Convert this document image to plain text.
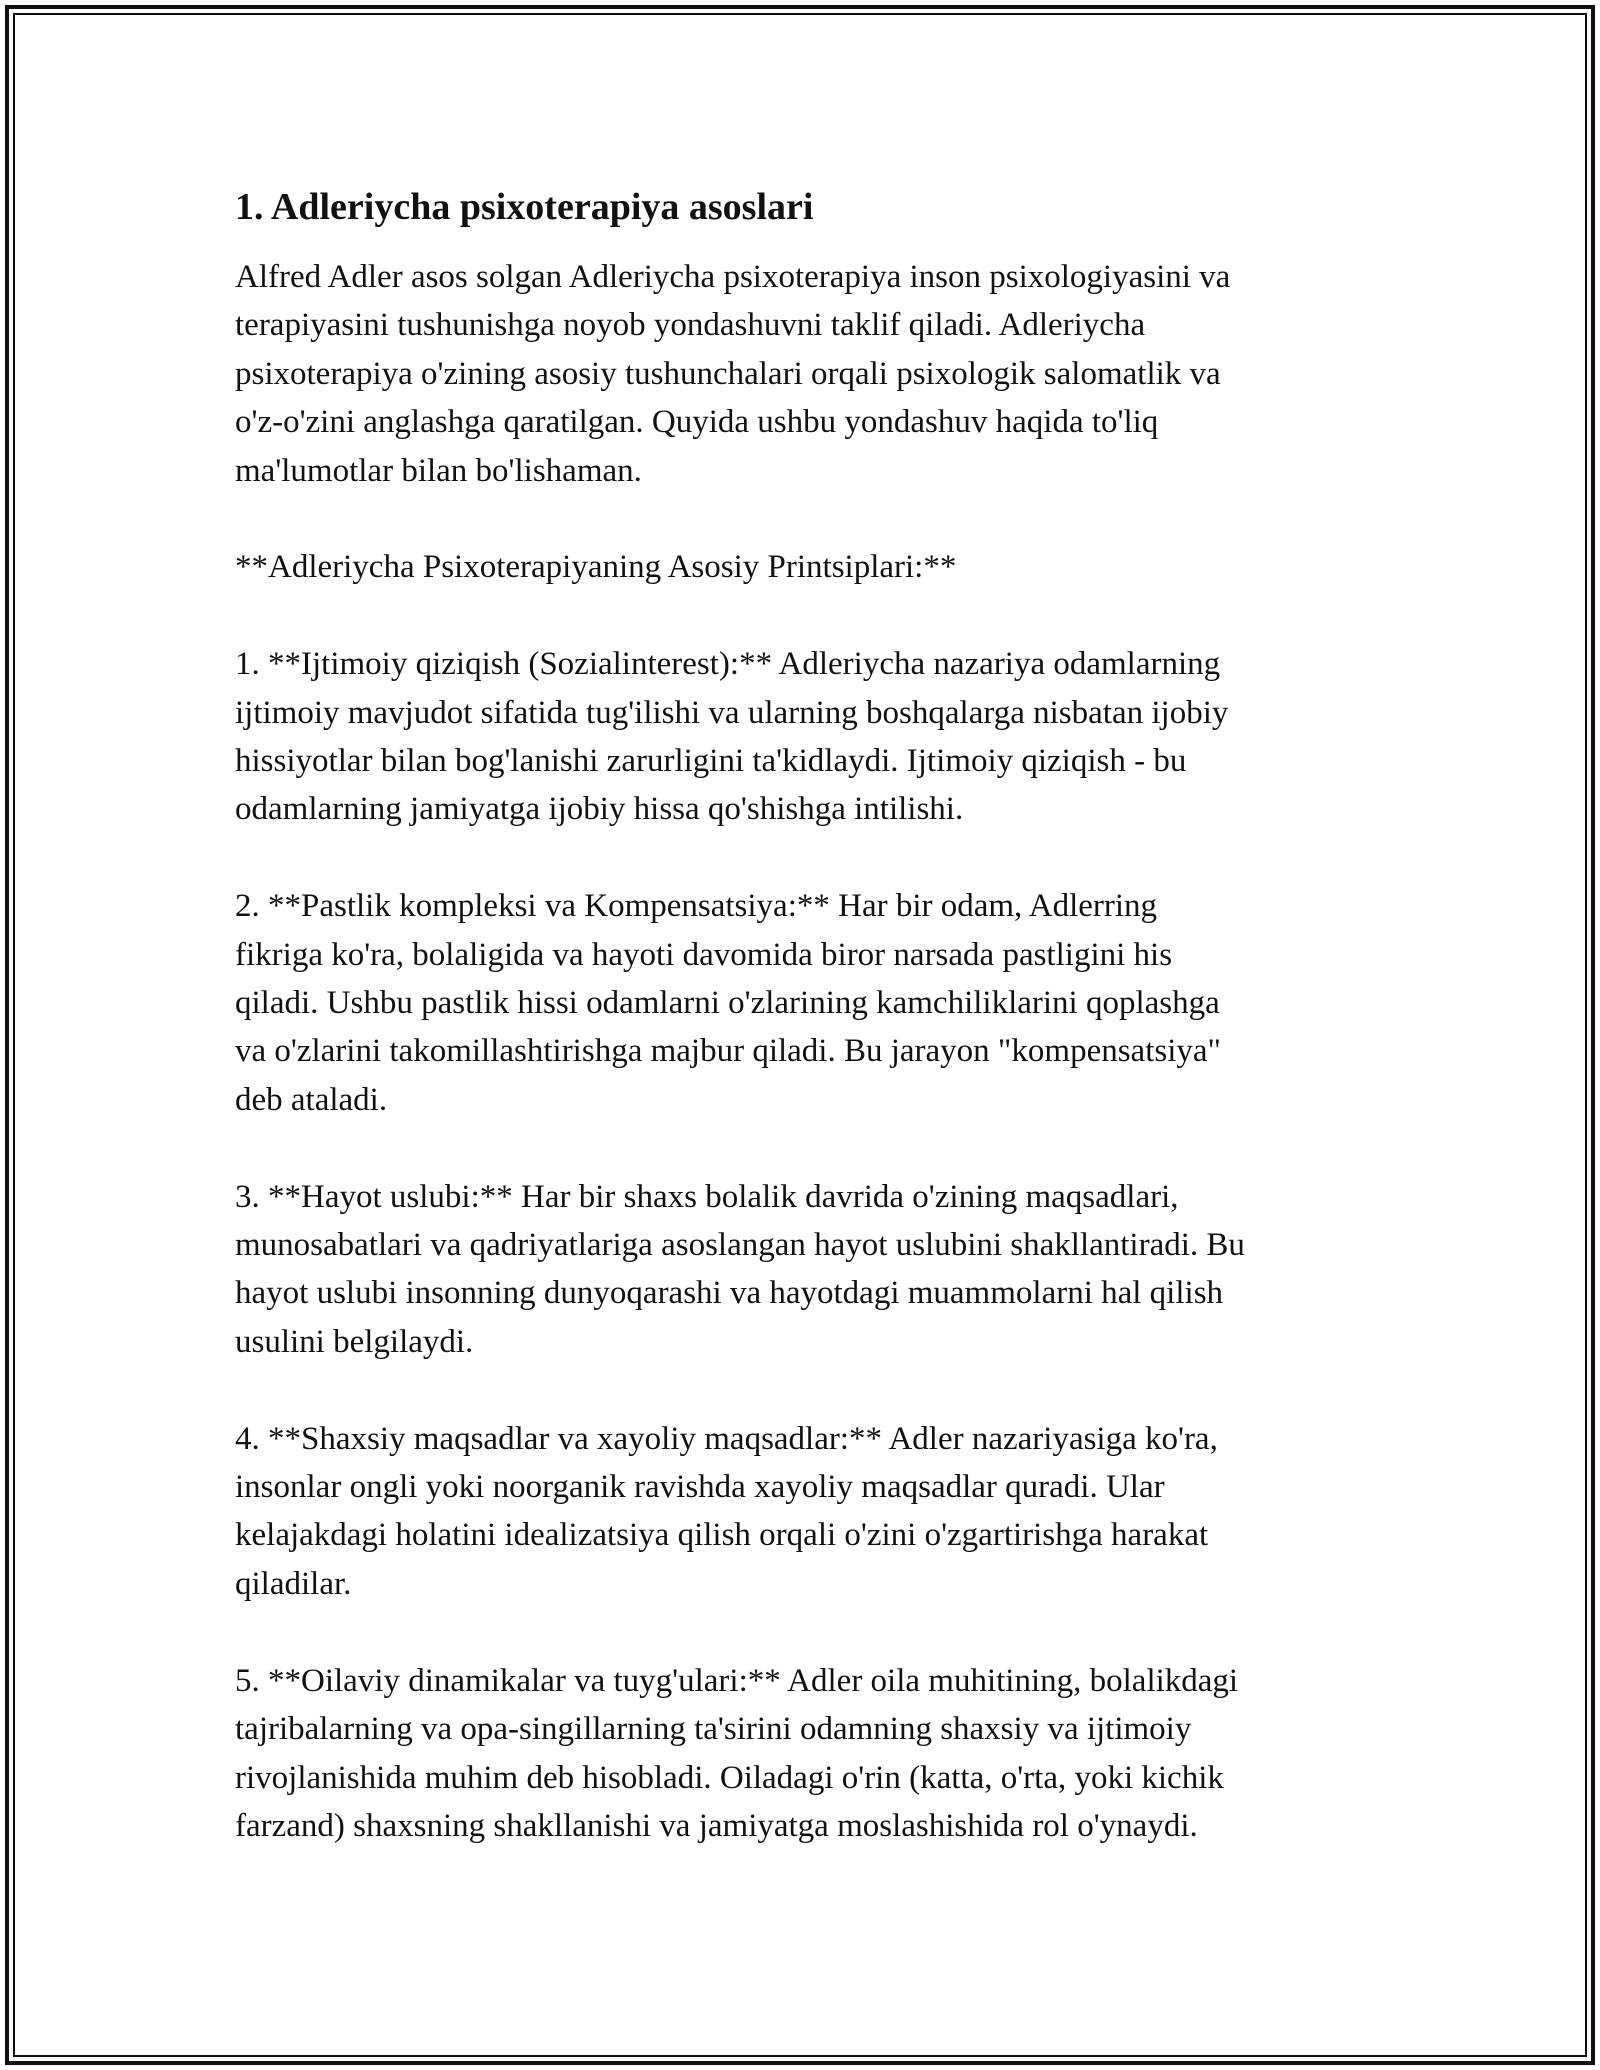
1. Adleriycha psixoterapiya asoslari

Alfred Adler asos solgan Adleriycha psixoterapiya inson psixologiyasini va
terapiyasini tushunishga noyob yondashuvni taklif qiladi. Adleriycha
psixoterapiya o'zining asosiy tushunchalari orqali psixologik salomatlik va
o'z-o'zini anglashga qaratilgan. Quyida ushbu yondashuv haqida to'liq
ma'lumotlar bilan bo'lishaman.

**Adleriycha Psixoterapiyaning Asosiy Printsiplari:**

1. **Ijtimoiy qiziqish (Sozialinterest):** Adleriycha nazariya odamlarning
ijtimoiy mavjudot sifatida tug'ilishi va ularning boshqalarga nisbatan ijobiy
hissiyotlar bilan bog'lanishi zarurligini ta'kidlaydi. Ijtimoiy qiziqish - bu
odamlarning jamiyatga ijobiy hissa qo'shishga intilishi.

2. **Pastlik kompleksi va Kompensatsiya:** Har bir odam, Adlerring
fikriga ko'ra, bolaligida va hayoti davomida biror narsada pastligini his
qiladi. Ushbu pastlik hissi odamlarni o'zlarining kamchiliklarini qoplashga
va o'zlarini takomillashtirishga majbur qiladi. Bu jarayon "kompensatsiya"
deb ataladi.

3. **Hayot uslubi:** Har bir shaxs bolalik davrida o'zining maqsadlari,
munosabatlari va qadriyatlariga asoslangan hayot uslubini shakllantiradi. Bu
hayot uslubi insonning dunyoqarashi va hayotdagi muammolarni hal qilish
usulini belgilaydi.

4. **Shaxsiy maqsadlar va xayoliy maqsadlar:** Adler nazariyasiga ko'ra,
insonlar ongli yoki noorganik ravishda xayoliy maqsadlar quradi. Ular
kelajakdagi holatini idealizatsiya qilish orqali o'zini o'zgartirishga harakat
qiladilar.

5. **Oilaviy dinamikalar va tuyg'ulari:** Adler oila muhitining, bolalikdagi
tajribalarning va opa-singillarning ta'sirini odamning shaxsiy va ijtimoiy
rivojlanishida muhim deb hisobladi. Oiladagi o'rin (katta, o'rta, yoki kichik
farzand) shaxsning shakllanishi va jamiyatga moslashishida rol o'ynaydi.
